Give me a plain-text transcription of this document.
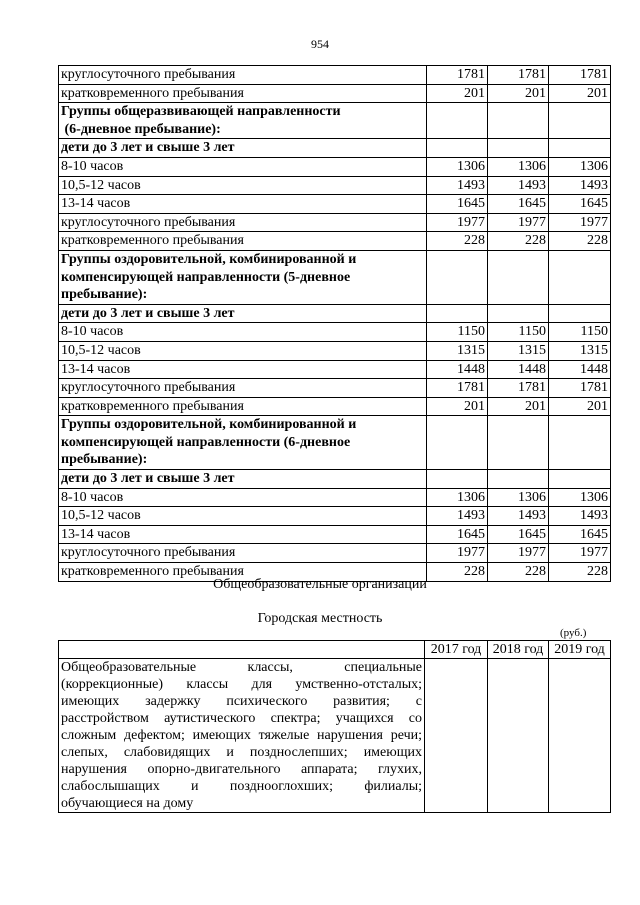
954
круглосуточного пребывания	1781	1781	1781
кратковременного пребывания	201	201	201
Группы общеразвивающей направленности
(6-дневное пребывание):			
дети до 3 лет и свыше 3 лет			
8-10 часов	1306	1306	1306
10,5-12 часов	1493	1493	1493
13-14 часов	1645	1645	1645
круглосуточного пребывания	1977	1977	1977
кратковременного пребывания	228	228	228
Группы оздоровительной, комбинированной и компенсирующей направленности (5-дневное пребывание):			
дети до 3 лет и свыше 3 лет			
8-10 часов	1150	1150	1150
10,5-12 часов	1315	1315	1315
13-14 часов	1448	1448	1448
круглосуточного пребывания	1781	1781	1781
кратковременного пребывания	201	201	201
Группы оздоровительной, комбинированной и компенсирующей направленности (6-дневное пребывание):			
дети до 3 лет и свыше 3 лет			
8-10 часов	1306	1306	1306
10,5-12 часов	1493	1493	1493
13-14 часов	1645	1645	1645
круглосуточного пребывания	1977	1977	1977
кратковременного пребывания	228	228	228
Общеобразовательные организации
Городская местность
(руб.)
	2017 год	2018 год	2019 год
Общеобразовательные классы, специальные (коррекционные) классы для умственно-отсталых; имеющих задержку психического развития; с расстройством аутистического спектра; учащихся со сложным дефектом; имеющих тяжелые нарушения речи; слепых, слабовидящих и позднослепших; имеющих нарушения опорно-двигательного аппарата; глухих, слабослышащих и позднооглохших; филиалы; обучающиеся на дому			
